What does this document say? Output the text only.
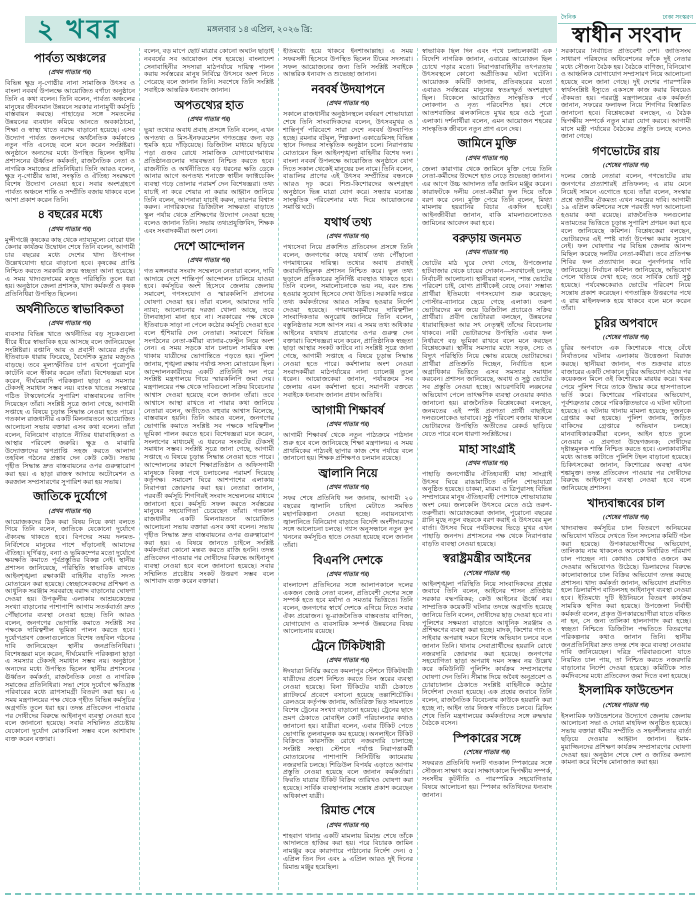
২ খবর	মঙ্গলবার ১৪ এপ্রিল, ২০২৬ খ্রি:
দৈনিক	ঢাকা সংস্করণ
স্বাধীন সংবাদ
পার্বত্য অঞ্চলের
(প্রথম পাতার পর)
বিভিন্ন ক্ষুদ্র নৃ-গোষ্ঠীর নানা সামাজিক উৎসব ও বাংলা নববর্ষ উপলক্ষে আয়োজিত বর্ণাঢ্য অনুষ্ঠানে তিনি এ কথা বলেন। তিনি বলেন, পার্বত্য অঞ্চলের মানুষের জীবনমান উন্নয়নে সরকার নানামুখী কর্মসূচি বাস্তবায়ন করছে। পাহাড়ের সঙ্গে সমতলের উন্নয়নের ব্যবধান কমিয়ে আনতে অবকাঠামো, শিক্ষা ও স্বাস্থ্য খাতে বরাদ্দ বাড়ানো হয়েছে। এসব উদ্যোগ পার্বত্য জনপদের অর্থনৈতিক কর্মকাণ্ডে নতুন গতি এনেছে বলে মনে করেন সংশ্লিষ্টরা। অনুষ্ঠানে অন্যদের মধ্যে উপস্থিত ছিলেন স্থানীয় প্রশাসনের ঊর্ধ্বতন কর্মকর্তা, রাজনৈতিক নেতা ও নাগরিক সমাজের প্রতিনিধিরা। তিনি আরও বলেন, ক্ষুদ্র নৃ-গোষ্ঠীর ভাষা, সংস্কৃতি ও ঐতিহ্য সংরক্ষণে বিশেষ উদ্যোগ নেওয়া হবে। সবার অংশগ্রহণে পার্বত্য অঞ্চলে শান্তি ও সম্প্রীতি বজায় থাকবে বলে আশা প্রকাশ করেন তিনি।
৪ বছরের মধ্যে
(প্রথম পাতার পর)
মুন্সীগঞ্জে কৃষকের কাছ থেকে ন্যায্যমূল্যে বোরো ধান কেনার কার্যক্রম উদ্বোধন শেষে তিনি বলেন, আগামী চার বছরের মধ্যে দেশের খাদ্য উৎপাদন উল্লেখযোগ্য হারে বাড়ানো হবে। কৃষকের প্রাপ্তি নিশ্চিত করতে সরকারি ক্রয়ে স্বচ্ছতা আনা হয়েছে। এ সময় খাদ্যগুদামের মজুত পরিস্থিতি তুলে ধরা হয়। অনুষ্ঠানে জেলা প্রশাসক, খাদ্য কর্মকর্তা ও কৃষক প্রতিনিধিরা উপস্থিত ছিলেন।
অর্থনীতিতে স্বাভাবিকতা
(প্রথম পাতার পর)
ব্যবসার বিভিন্ন খাতে অর্থনীতির বড় সূচকগুলো ধীরে ধীরে স্বাভাবিক হয়ে আসছে বলে জানিয়েছেন সংশ্লিষ্টরা। রপ্তানি আয় ও প্রবাসী আয়ের প্রবৃদ্ধি ইতিবাচক ধারায় ফিরেছে, বৈদেশিক মুদ্রার মজুতও বাড়ছে। তবে মূল্যস্ফীতির চাপ এখনো পুরোপুরি কাটেনি বলে স্বীকার করেন তাঁরা। বিশেষজ্ঞরা মনে করেন, দীর্ঘমেয়াদি পরিকল্পনা ছাড়া এ সমস্যার টেকসই সমাধান সম্ভব নয়। ব্যাংক খাতের সংস্কারে গঠিত টাস্কফোর্সের সুপারিশ বাস্তবায়নের তাগিদ দিয়েছেন তাঁরা। সংশ্লিষ্ট সূত্রে জানা গেছে, আগামী সপ্তাহে এ বিষয়ে চূড়ান্ত সিদ্ধান্ত নেওয়া হতে পারে। গতকাল রাজধানীর একটি মিলনায়তনে আয়োজিত আলোচনা সভায় বক্তারা এসব কথা বলেন। তাঁরা বলেন, বিনিয়োগ বাড়াতে নীতির ধারাবাহিকতা ও আস্থার পরিবেশ জরুরি। ক্ষুদ্র ও মাঝারি উদ্যোক্তাদের ঋণপ্রাপ্তি সহজ করতে আলাদা তহবিল গঠনের প্রস্তাব দেন কেউ কেউ। সভায় গৃহীত সিদ্ধান্ত দ্রুত বাস্তবায়নের ওপর গুরুত্বারোপ করা হয়। এ ছাড়া রাজস্ব আদায়ে অটোমেশন ও করজাল সম্প্রসারণের সুপারিশ করা হয় সভায়।
জাতিকে দুর্যোগে
(প্রথম পাতার পর)
আয়োজকদের ঠিক করা বিষয় নিয়ে কথা বলতে গিয়ে তিনি বলেন, জাতিকে যেকোনো দুর্যোগে ঐক্যবদ্ধ থাকতে হবে। বিপদের সময় দলমত-নির্বিশেষে মানুষের পাশে দাঁড়ানোই আমাদের ঐতিহ্য। ঘূর্ণিঝড়, বন্যা ও ভূমিকম্পের মতো দুর্যোগে ক্ষয়ক্ষতি কমাতে পূর্বপ্রস্তুতির বিকল্প নেই। স্থানীয় প্রশাসন জানিয়েছে, পরিস্থিতি স্বাভাবিক রাখতে আইনশৃঙ্খলা রক্ষাকারী বাহিনীর বাড়তি সদস্য মোতায়েন করা হয়েছে। স্বেচ্ছাসেবকদের প্রশিক্ষণ ও আধুনিক সরঞ্জাম সরবরাহে বরাদ্দ বাড়ানোর ঘোষণা দেওয়া হয়। উপকূলীয় এলাকায় আশ্রয়কেন্দ্রের সংখ্যা বাড়ানোর পাশাপাশি আগাম সতর্কবার্তা দ্রুত পৌঁছানোর ব্যবস্থা নেওয়া হচ্ছে। তিনি আরও বলেন, জনগণের ভোগান্তি কমাতে সংশ্লিষ্ট সব পক্ষকে দায়িত্বশীল ভূমিকা পালন করতে হবে। দুর্যোগপ্রবণ জেলাগুলোতে বিশেষ তহবিল গঠনের দাবি জানিয়েছেন স্থানীয় জনপ্রতিনিধিরা। বিশেষজ্ঞরা মনে করেন, দীর্ঘমেয়াদি পরিকল্পনা ছাড়া এ সমস্যার টেকসই সমাধান সম্ভব নয়। অনুষ্ঠানে অন্যদের মধ্যে উপস্থিত ছিলেন স্থানীয় প্রশাসনের ঊর্ধ্বতন কর্মকর্তা, রাজনৈতিক নেতা ও নাগরিক সমাজের প্রতিনিধিরা। সভা শেষে দুর্যোগে ক্ষতিগ্রস্ত পরিবারের মধ্যে ত্রাণসামগ্রী বিতরণ করা হয়। এ সময় মন্ত্রণালয়ের পক্ষ থেকে গৃহীত বিভিন্ন কর্মসূচির অগ্রগতি তুলে ধরা হয়। তদন্ত প্রতিবেদন পাওয়ার পর দোষীদের বিরুদ্ধে আইনানুগ ব্যবস্থা নেওয়া হবে বলে জানানো হয়েছে। সবার সম্মিলিত প্রচেষ্টায় যেকোনো দুর্যোগ মোকাবিলা সম্ভব বলে আশাবাদ ব্যক্ত করেন বক্তারা।
বলেন, বড় মাপে ছোট মাত্রার কোনো অঘটন ছাড়াই নববর্ষের সব আয়োজন শেষ হয়েছে। বাংলাদেশ সেনাবাহিনীর সদস্যরা মাঠপর্যায়ে দায়িত্ব পালন করায় সর্বস্তরের মানুষ নির্বিঘ্নে উৎসবে অংশ নিতে পেরেছে বলে জানান তিনি। সবশেষে তিনি সংশ্লিষ্ট সবাইকে আন্তরিক ধন্যবাদ জানান।
অপতথ্যের হাত
(প্রথম পাতার পর)
ভুয়া তথ্যের অবাধ প্রবাহ প্রসঙ্গে তিনি বলেন, এখন অপতথ্য ও মিস-ইনফরমেশন গণতন্ত্রের জন্য বড় হুমকি হয়ে দাঁড়িয়েছে। ডিজিটাল মাধ্যমে ছড়িয়ে পড়া গুজব রোধে সামাজিক যোগাযোগমাধ্যম প্রতিষ্ঠানগুলোর দায়বদ্ধতা নিশ্চিত করতে হবে। রাজনীতি ও অর্থনীতিতে বড় ধরনের ক্ষতি ডেকে আনার আগে অপতথ্য শনাক্তে স্বাধীন ফ্যাক্টচেকিং ব্যবস্থা গড়ে তোলার পরামর্শ দেন বিশেষজ্ঞরা। তথ্য যাচাই না করে শেয়ার না করার আহ্বান জানিয়ে তিনি বলেন, আপনারা যাচাই করুন, তারপর বিশ্বাস করুন। নাগরিকদের ডিজিটাল সাক্ষরতা বাড়াতে স্কুল পর্যায় থেকে প্রশিক্ষণের উদ্যোগ নেওয়া হচ্ছে বলেও জানান তিনি। সভায় তথ্যপ্রযুক্তিবিদ, শিক্ষক এবং সংবাদকর্মীরা অংশ নেন।
দেশে আন্দোলন
(প্রথম পাতার পর)
গত মঙ্গলবার সংবাদ সম্মেলনে নেতারা বলেন, দাবি আদায়ে দেশে শান্তিপূর্ণ আন্দোলন চালিয়ে যাওয়া হবে। কর্মসূচির অংশ হিসেবে জেলায় জেলায় সমাবেশ, গণসংযোগ ও স্মারকলিপি প্রদানের ঘোষণা দেওয়া হয়। তাঁরা বলেন, আমাদের দাবি ন্যায্য; আলোচনার দরজা খোলা আছে, তবে টালবাহানা মানা হবে না। সরকারের পক্ষ থেকে ইতিবাচক সাড়া না পেলে কঠোর কর্মসূচি দেওয়া হবে বলে হুঁশিয়ারি দেন নেতারা। সমাবেশে বিভিন্ন সংগঠনের নেতা-কর্মীরা ব্যানার-ফেস্টুন নিয়ে অংশ নেন। এ সময় সড়কে যান চলাচল সাময়িক বন্ধ থাকায় যাত্রীদের ভোগান্তিতে পড়তে হয়। পুলিশ জানায়, শৃঙ্খলা রক্ষায় পর্যাপ্ত সদস্য মোতায়েন ছিল। আন্দোলনকারীদের একটি প্রতিনিধি দল পরে সংশ্লিষ্ট মন্ত্রণালয়ে গিয়ে স্মারকলিপি জমা দেয়। মন্ত্রণালয়ের পক্ষ থেকে দাবিগুলো সক্রিয় বিবেচনার আশ্বাস দেওয়া হয়েছে বলে জানান তাঁরা। তবে আশ্বাসে আস্থা রাখতে না পারার কথা জানিয়ে নেতারা বলেন, অতীতেও বহুবার আশ্বাস মিলেছে, বাস্তবায়ন হয়নি। তিনি আরও বলেন, জনগণের ভোগান্তি কমাতে সংশ্লিষ্ট সব পক্ষকে দায়িত্বশীল ভূমিকা পালন করতে হবে। বিশেষজ্ঞরা মনে করেন, সংলাপের মাধ্যমেই এ ধরনের সংকটের টেকসই সমাধান সম্ভব। সংশ্লিষ্ট সূত্রে জানা গেছে, আগামী সপ্তাহে এ বিষয়ে চূড়ান্ত সিদ্ধান্ত নেওয়া হতে পারে। আন্দোলনের কারণে শিক্ষাপ্রতিষ্ঠান ও অফিসগামী মানুষকে বিকল্প পথে চলাচলের পরামর্শ দিয়েছে কর্তৃপক্ষ। সমাবেশ ঘিরে আশপাশের এলাকায় নিরাপত্তা জোরদার করা হয়। নেতারা জানান, পরবর্তী কর্মসূচি শিগগিরই সংবাদ সম্মেলনের মাধ্যমে জানানো হবে। কর্মসূচি সফল করতে সর্বস্তরের মানুষের সহযোগিতা চেয়েছেন তাঁরা। গতকাল রাজধানীর একটি মিলনায়তনে আয়োজিত আলোচনা সভায় বক্তারা এসব কথা বলেন। সভায় গৃহীত সিদ্ধান্ত দ্রুত বাস্তবায়নের ওপর গুরুত্বারোপ করা হয়। এ বিষয়ে জানতে চাইলে সংশ্লিষ্ট কর্মকর্তারা কোনো মন্তব্য করতে রাজি হননি। তদন্ত প্রতিবেদন পাওয়ার পর দোষীদের বিরুদ্ধে আইনানুগ ব্যবস্থা নেওয়া হবে বলে জানানো হয়েছে। সবার সম্মিলিত প্রচেষ্টায় সংকট উত্তরণ সম্ভব বলে আশাবাদ ব্যক্ত করেন বক্তারা।
ইতিমধ্যে হয়ে থাকবে ইনশাআল্লাহ। এ সময় সফরসঙ্গী হিসেবে উপস্থিত ছিলেন টিমের সদস্যরা। সফল আয়োজনের জন্য তিনি সংশ্লিষ্ট সবাইকে আন্তরিক ধন্যবাদ ও শুভেচ্ছা জানান।
নববর্ষ উদযাপনে
(প্রথম পাতার পর)
সকালে রাজধানীর অনুষ্ঠানস্থলে বর্ষবরণ শোভাযাত্রা শেষে তিনি সাংবাদিকদের বলেন, উৎসবমুখর ও শান্তিপূর্ণ পরিবেশে সারা দেশে নববর্ষ উদযাপিত হচ্ছে। রমনার বটমূল, শিল্পকলা একাডেমিসহ বিভিন্ন স্থানে দিনভর সাংস্কৃতিক অনুষ্ঠান চলে। নিরাপত্তায় মোতায়েন ছিল আইনশৃঙ্খলা বাহিনীর বিশেষ দল। বাংলা নববর্ষ উপলক্ষে আয়োজিত অনুষ্ঠানে যোগ দিতে সকাল থেকেই মানুষের ঢল নামে। তিনি বলেন, বাঙালির প্রাণের এই উৎসব সম্প্রীতির বন্ধনকে আরও দৃঢ় করে। শিশু-কিশোরদের অংশগ্রহণ অনুষ্ঠানে ভিন্ন মাত্রা যোগ করে। সন্ধ্যায় মনোজ্ঞ সাংস্কৃতিক পরিবেশনার মধ্য দিয়ে আয়োজনের সমাপ্তি ঘটে।
যথার্থ তথ্য
(প্রথম পাতার পর)
পথ্যসেবা নিয়ে প্রকাশিত প্রতিবেদন প্রসঙ্গে তিনি বলেন, জনগণের কাছে যথার্থ তথ্য পৌঁছানো গণমাধ্যমের দায়িত্ব। তথ্যের অবাধ প্রবাহই জবাবদিহিমূলক প্রশাসন নিশ্চিত করে। ভুল তথ্য ছড়ালে প্রতিকারের সুনির্দিষ্ট ব্যবস্থাও থাকতে হবে। তিনি বলেন, সমালোচনাকে ভয় নয়, বরং শুদ্ধ হওয়ার সুযোগ হিসেবে দেখা উচিত। সরকারি দপ্তরে তথ্য কর্মকর্তাদের আরও সক্রিয় হওয়ার নির্দেশ দেওয়া হয়েছে। গণমাধ্যমকর্মীদের দায়িত্বশীল সাংবাদিকতার অনুরোধ জানিয়ে তিনি বলেন, বস্তুনিষ্ঠতার সঙ্গে আপস নয়। এ সময় তথ্য অধিকার আইনের যথাযথ প্রয়োগের ওপর গুরুত্ব দেন বক্তারা। বিশেষজ্ঞরা মনে করেন, প্রাতিষ্ঠানিক স্বচ্ছতা ছাড়া আস্থার সংকট কাটবে না। সংশ্লিষ্ট সূত্রে জানা গেছে, আগামী সপ্তাহে এ বিষয়ে চূড়ান্ত সিদ্ধান্ত নেওয়া হতে পারে। কর্মশালায় অংশ নেওয়া সংবাদকর্মীরা মাঠপর্যায়ের নানা চ্যালেঞ্জ তুলে ধরেন। আয়োজকেরা জানান, পর্যায়ক্রমে সব জেলায় এমন কর্মশালা হবে। সমাপনী বক্তব্যে সবাইকে ধন্যবাদ জানান প্রধান অতিথি।
আগামী শিক্ষাবর্ষ
(প্রথম পাতার পর)
আগামী শিক্ষাবর্ষ থেকে নতুন পাঠ্যক্রমে পাঠদান শুরু হবে বলে জানিয়েছে শিক্ষা মন্ত্রণালয়। এ সময় প্রাথমিকের পাঠ্যবই ছাপার কাজ শেষ পর্যায়ে বলে জানানো হয়। শিক্ষক প্রশিক্ষণও চলমান রয়েছে।
জ্বালানি নিয়ে
(প্রথম পাতার পর)
সফর শেষে প্রতিনিধি দল জানায়, আগামী ২০ বছরের জ্বালানি চাহিদা মেটাতে সমন্বিত মহাপরিকল্পনা নেওয়া হচ্ছে। নবায়নযোগ্য জ্বালানিতে বিনিয়োগ বাড়াতে বিদেশি অংশীদারদের সঙ্গে আলোচনা চলছে। গ্যাস অনুসন্ধানে নতুন কূপ খননের কর্মসূচিও হাতে নেওয়া হয়েছে বলে জানান তাঁরা।
বিএনপি দেশকে
(প্রথম পাতার পর)
বাংলাদেশ প্রতিদিনের সঙ্গে আলাপকালে দলের একজন জ্যেষ্ঠ নেতা বলেন, প্রতিবেশী দেশের সঙ্গে সম্পর্ক হতে হবে মর্যাদা ও সমতার ভিত্তিতে। তিনি বলেন, জনগণের স্বার্থে দেশকে এগিয়ে নিতে সবার ঐক্য প্রয়োজন। ভূ-রাজনৈতিক বাস্তবতায় বাণিজ্য, যোগাযোগ ও ব্যবসায়িক সম্পর্ক উন্নয়নের বিষয় আলোচনায় রয়েছে।
ট্রেনে টিকিটধারী
(প্রথম পাতার পর)
ঈদযাত্রা নির্বিঘ্ন করতে কমলাপুর স্টেশনে টিকিটধারী যাত্রীদের প্রবেশ নিশ্চিত করতে তিন স্তরের ব্যবস্থা নেওয়া হয়েছে। বিনা টিকিটের যাত্রী ঠেকাতে প্ল্যাটফর্মে প্রবেশে বসানো হয়েছে তল্লাশিচৌকি। রেলওয়ে কর্তৃপক্ষ জানায়, অতিরিক্ত ভিড় সামলাতে বিশেষ ট্রেনের সংখ্যা বাড়ানো হয়েছে। ট্রেনের ছাদে ভ্রমণ ঠেকাতে মোবাইল কোর্ট পরিচালনার কথাও জানানো হয়। যাত্রীরা বলেন, এবার টিকিট পেতে ভোগান্তি তুলনামূলক কম হয়েছে। অনলাইনে টিকিট বিক্রিতে কারসাজি রোধে নজরদারি চালাচ্ছে সংশ্লিষ্ট সংস্থা। স্টেশনে পর্যাপ্ত নিরাপত্তাকর্মী মোতায়েনের পাশাপাশি সিসিটিভি ক্যামেরায় নজরদারি চলছে। শিডিউল বিপর্যয় এড়াতে আগাম প্রস্তুতি নেওয়া হয়েছে বলে জানান কর্মকর্তারা। ফিরতি যাত্রার টিকিট বিক্রির তারিখও ঘোষণা করা হয়েছে। সার্বিক ব্যবস্থাপনায় সন্তোষ প্রকাশ করেছেন অধিকাংশ যাত্রী।
রিমান্ড শেষে
(প্রথম পাতার পর)
শাহবাগ থানার একটি মামলায় রিমান্ড শেষে তাঁকে আদালতে হাজির করা হয়। পরে বিচারক জামিন নামঞ্জুর করে কারাগারে পাঠানোর নির্দেশ দেন। ৫ এপ্রিল তিন দিন এবং ৯ এপ্রিল আরও দুই দিনের রিমান্ড মঞ্জুর হয়েছিল।
স্বাভাবিক ছিল দিন এবং পথে চলাচলকারী এক বিদেশি নাগরিক জানান, এবারের আয়োজন ছিল চোখে পড়ার মতো। নিরাপত্তাবাহিনীর তৎপরতায় উৎসবস্থলে কোনো অপ্রীতিকর ঘটনা ঘটেনি। আয়োজক কমিটি জানায়, প্রতিবছরের মতো এবারও সর্বস্তরের মানুষের স্বতঃস্ফূর্ত অংশগ্রহণ ছিল। বিকেলে আয়োজিত সাংস্কৃতিক পর্বে লোকগান ও নৃত্য পরিবেশিত হয়। শেষে আতশবাজির ঝলকানিতে মুখর হয়ে ওঠে পুরো এলাকা। দর্শনার্থীরা বলেন, এমন আয়োজন শহরের সাংস্কৃতিক জীবনে নতুন প্রাণ এনে দেয়।
জামিনে মুক্তি
(প্রথম পাতার পর)
জেলা কারাগার থেকে জামিনে মুক্তি পেয়ে তিনি নেতা-কর্মীদের উদ্দেশে হাত নেড়ে শুভেচ্ছা জানান। এর আগে উচ্চ আদালত তাঁর জামিন মঞ্জুর করেন। কারাফটকে দলীয় নেতা-কর্মীরা ফুল দিয়ে তাঁকে বরণ করে নেন। মুক্তি পেয়ে তিনি বলেন, মিথ্যা মামলায় হয়রানির বিচার একদিন হবেই। আইনজীবীরা জানান, বাকি মামলাগুলোতেও জামিনের আবেদন করা হবে।
বরুড়ায় জনমত
(প্রথম পাতার পর)
ভোটের মাঠ ঘুরে দেখা গেছে, উপজেলার হাটবাজার থেকে চায়ের দোকান—সবখানেই চলছে নির্বাচনী আলোচনা। স্থানীয়রা বলেন, ‘শান্ত ভোটের পরিবেশ চাই, যোগ্য প্রার্থীকেই বেছে নেব।’ সম্ভাব্য প্রার্থীরা ইতিমধ্যে গণসংযোগ শুরু করেছেন; পোস্টার-ব্যানারে ছেয়ে গেছে এলাকা। তরুণ ভোটারদের মন জয়ে ডিজিটাল প্রচারেও সক্রিয় প্রার্থীরা। প্রবীণ ভোটাররা বলছেন, উন্নয়নের ধারাবাহিকতা আর সৎ নেতৃত্বই তাঁদের বিবেচনায় থাকবে। নারী ভোটারদের উপস্থিতি এবার ফল নির্ধারণে বড় ভূমিকা রাখবে বলে মনে করছেন বিশ্লেষকেরা। স্থানীয় সমস্যার মধ্যে সড়ক, সেচ ও বিদ্যুৎ পরিস্থিতি নিয়ে ক্ষোভ রয়েছে ভোটারদের। প্রার্থীরা প্রতিশ্রুতি দিচ্ছেন, নির্বাচিত হলে অগ্রাধিকার ভিত্তিতে এসব সমস্যার সমাধান করবেন। প্রশাসন জানিয়েছে, অবাধ ও সুষ্ঠু ভোটের সব প্রস্তুতি নেওয়া হচ্ছে। আচরণবিধি লঙ্ঘনের অভিযোগ পেলে তাৎক্ষণিক ব্যবস্থা নেওয়ার কথাও জানানো হয়। রাজনৈতিক বিশ্লেষকেরা বলছেন, জনমতের এই স্পষ্ট প্রবণতা প্রার্থী বাছাইয়ে দলগুলোকেও ভাবাবে। সুষ্ঠু পরিবেশ বজায় থাকলে ভোটারদের উপস্থিতি অতীতের রেকর্ড ছাড়িয়ে যেতে পারে বলে ধারণা সংশ্লিষ্টদের।
মাহা সাংগ্রাই
(প্রথম পাতার পর)
পাহাড়ি জনগোষ্ঠীর ঐতিহ্যবাহী মাহা সাংগ্রাই উৎসব ঘিরে রাঙামাটিতে বর্ণিল শোভাযাত্রা অনুষ্ঠিত হয়েছে। চাকমা, মারমা ও ত্রিপুরাসহ বিভিন্ন সম্প্রদায়ের মানুষ ঐতিহ্যবাহী পোশাকে শোভাযাত্রায় অংশ নেয়। জলকেলি উৎসবে মেতে ওঠে তরুণ-তরুণীরা। আয়োজকেরা জানান, পুরোনো বছরের গ্লানি মুছে নতুন বছরকে বরণ করাই এ উৎসবের মূল বার্তা। উৎসব ঘিরে পর্যটকদের ভিড়ে মুখর এখন পাহাড়ি জনপদ। প্রশাসনের পক্ষ থেকে নিরাপত্তার বাড়তি ব্যবস্থা নেওয়া হয়েছে।
স্বরাষ্ট্রমন্ত্রীর আইনের
(শেষের পাতার পর)
আইনশৃঙ্খলা পরিস্থিতি নিয়ে সাংবাদিকদের প্রশ্নের জবাবে তিনি বলেন, আইনের শাসন প্রতিষ্ঠায় সরকার বদ্ধপরিকর; কেউ আইনের ঊর্ধ্বে নয়। সাম্প্রতিক কয়েকটি ঘটনার তদন্তে অগ্রগতি হয়েছে জানিয়ে তিনি বলেন, দোষীদের ছাড় দেওয়া হবে না। পুলিশের সক্ষমতা বাড়াতে আধুনিক সরঞ্জাম ও প্রশিক্ষণের ব্যবস্থা করা হচ্ছে। মাদক, কিশোর গ্যাং ও সাইবার অপরাধ দমনে বিশেষ অভিযান চলবে বলে জানান তিনি। থানায় সেবাপ্রার্থীদের হয়রানি রোধে নজরদারি জোরদার করা হয়েছে। জনগণের সহযোগিতা ছাড়া অপরাধ দমন সম্ভব নয় উল্লেখ করে কমিউনিটি পুলিশিং কার্যক্রম সম্প্রসারণের ঘোষণা দেন তিনি। সীমান্ত দিয়ে অবৈধ অনুপ্রবেশ ও চোরাচালান ঠেকাতে সংশ্লিষ্ট বাহিনীকে কঠোর নির্দেশনা দেওয়া হয়েছে। এক প্রশ্নের জবাবে তিনি বলেন, রাজনৈতিক বিবেচনায় কাউকে হয়রানি করা হচ্ছে না; আইন তার নিজস্ব গতিতে চলবে। ব্রিফিং শেষে তিনি মন্ত্রণালয়ের কর্মকর্তাদের সঙ্গে রুদ্ধদ্বার বৈঠকে বসেন।
স্পিকারের সঙ্গে
(শেষের পাতার পর)
সফররত প্রতিনিধি দলটি গতকাল স্পিকারের সঙ্গে সৌজন্য সাক্ষাৎ করে। সাক্ষাৎকালে দ্বিপক্ষীয় সম্পর্ক, সংসদীয় কূটনীতি ও পারস্পরিক সহযোগিতার বিষয়ে আলোচনা হয়। স্পিকার অতিথিদের ধন্যবাদ জানান।
সরকারের নির্বাচিত প্রতিবেশী দেশ। জাতিসংঘ সাধারণ পরিষদের অধিবেশনের ফাঁকে দুই নেতার মধ্যে সৌজন্য বৈঠক হয়। বৈঠকে বাণিজ্য, বিনিয়োগ ও আঞ্চলিক যোগাযোগ সম্প্রসারণ নিয়ে আলোচনা হয়েছে বলে জানা গেছে। দুই দেশের পারস্পরিক স্বার্থসংশ্লিষ্ট ইস্যুতে একসঙ্গে কাজ করার বিষয়েও ঐকমত্য হয়। পররাষ্ট্র মন্ত্রণালয়ের এক কর্মকর্তা জানান, সফরের ফলাফল নিয়ে শিগগির বিস্তারিত জানানো হবে। বিশ্লেষকেরা বলছেন, এ বৈঠক দ্বিপক্ষীয় সম্পর্কে নতুন মাত্রা যোগ করবে। আগামী মাসে মন্ত্রী পর্যায়ের বৈঠকের প্রস্তুতি চলছে বলেও জানা গেছে।
গণভোটের রায়
(শেষের পাতার পর)
দলের জ্যেষ্ঠ নেতারা বলেন, গণভোটের রায় জনগণের প্রত্যাশারই প্রতিফলন; এ রায় মেনে নিয়েই সামনে এগোতে হবে। তাঁরা বলেন, সংস্কার প্রশ্নে জাতীয় ঐকমত্য এখন সময়ের দাবি। আগামী ১৯ এপ্রিল কমিশনের সঙ্গে পরবর্তী দফা আলোচনা হওয়ার কথা রয়েছে। রাজনৈতিক দলগুলোর মতামতের ভিত্তিতে চূড়ান্ত সুপারিশ প্রণয়ন করা হবে বলে জানিয়েছে কমিশন। বিশ্লেষকেরা বলছেন, ভোটারদের এই স্পষ্ট বার্তা উপেক্ষা করার সুযোগ নেই। ফল ঘোষণার পর বিভিন্ন জেলায় আনন্দ মিছিল করেছে দলটির নেতা-কর্মীরা। তবে প্রতিপক্ষ শিবির ফল প্রত্যাখ্যান করে পুনর্গণনার দাবি জানিয়েছে। নির্বাচন কমিশন জানিয়েছে, অভিযোগ পেলে খতিয়ে দেখা হবে; তবে সার্বিক ভোট সুষ্ঠু হয়েছে। পর্যবেক্ষকেরাও ভোটের পরিবেশ নিয়ে সন্তোষ প্রকাশ করেছেন। গণতান্ত্রিক উত্তরণের পথে এ রায় মাইলফলক হয়ে থাকবে বলে মনে করেন তাঁরা।
চুরির অপবাদে
(শেষের পাতার পর)
চুরির অপবাদে এক কিশোরকে গাছে বেঁধে নির্যাতনের ঘটনায় এলাকায় উত্তেজনা বিরাজ করছে। স্থানীয়রা জানান, গত শুক্রবার রাতে বাজারের একটি দোকানে চুরির অভিযোগ ওঠার পর কয়েকজন মিলে ওই কিশোরকে মারধর করে। খবর পেয়ে পুলিশ গিয়ে তাকে উদ্ধার করে হাসপাতালে ভর্তি করে। কিশোরের পরিবারের অভিযোগ, পূর্বশত্রুতার জেরে পরিকল্পিতভাবে এ ঘটনা ঘটানো হয়েছে। এ ঘটনায় থানায় মামলা হয়েছে; দুজনকে গ্রেপ্তার করা হয়েছে। পুলিশ জানায়, জড়িত বাকিদের গ্রেপ্তারে অভিযান চলছে। মানবাধিকারকর্মীরা বলেন, আইন হাতে তুলে নেওয়ার এ প্রবণতা উদ্বেগজনক; দোষীদের দৃষ্টান্তমূলক শাস্তি নিশ্চিত করতে হবে। এলাকাবাসীর মধ্যে আতঙ্ক কাটাতে পুলিশি টহল বাড়ানো হয়েছে। চিকিৎসকেরা জানান, কিশোরের অবস্থা এখন শঙ্কামুক্ত। তদন্ত প্রতিবেদন পাওয়ার পর দোষীদের বিরুদ্ধে আইনানুগ ব্যবস্থা নেওয়া হবে বলে জানিয়েছে প্রশাসন।
খাদ্যবান্ধবের চাল
(শেষের পাতার পর)
খাদ্যবান্ধব কর্মসূচির চাল বিতরণে অনিয়মের অভিযোগ খতিয়ে দেখতে তিন সদস্যের কমিটি গঠন করা হয়েছে। উপকারভোগীদের অভিযোগ, তালিকায় নাম থাকলেও অনেকে নির্ধারিত পরিমাণ চাল পাচ্ছেন না। কোথাও কোথাও ওজনে কম দেওয়ার অভিযোগও উঠেছে। ডিলারদের বিরুদ্ধে কালোবাজারে চাল বিক্রির অভিযোগ তদন্ত করছে প্রশাসন। খাদ্য কর্মকর্তা জানান, অভিযোগ প্রমাণিত হলে ডিলারশিপ বাতিলসহ আইনানুগ ব্যবস্থা নেওয়া হবে। ইতিমধ্যে দুটি ইউনিয়নে বিতরণ কার্যক্রম সাময়িক স্থগিত করা হয়েছে। উপজেলা নির্বাহী কর্মকর্তা বলেন, প্রকৃত উপকারভোগীরা যাতে বঞ্চিত না হন, সে জন্য তালিকা হালনাগাদ করা হচ্ছে। স্বচ্ছতা নিশ্চিতে ডিজিটাল পদ্ধতিতে বিতরণের পরিকল্পনার কথাও জানান তিনি। স্থানীয় জনপ্রতিনিধিরা দ্রুত তদন্ত শেষ করে ব্যবস্থা নেওয়ার দাবি জানিয়েছেন। দরিদ্র পরিবারগুলো যাতে নিয়মিত চাল পায়, তা নিশ্চিত করতে নজরদারি বাড়ানোর নির্দেশ দেওয়া হয়েছে। কমিটিকে সাত কর্মদিবসের মধ্যে প্রতিবেদন জমা দিতে বলা হয়েছে।
ইসলামিক ফাউন্ডেশন
(শেষের পাতার পর)
ইসলামিক ফাউন্ডেশনের উদ্যোগে জেলায় জেলায় আলোচনা সভা ও দোয়া মাহফিল অনুষ্ঠিত হয়েছে। সভায় বক্তারা ধর্মীয় সম্প্রীতি ও সহনশীলতার বার্তা ছড়িয়ে দেওয়ার আহ্বান জানান। ইমাম-মুয়াজ্জিনদের প্রশিক্ষণ কার্যক্রম সম্প্রসারণের ঘোষণা দেওয়া হয়। অনুষ্ঠান শেষে দেশ ও জাতির কল্যাণ কামনা করে বিশেষ মোনাজাত করা হয়।
